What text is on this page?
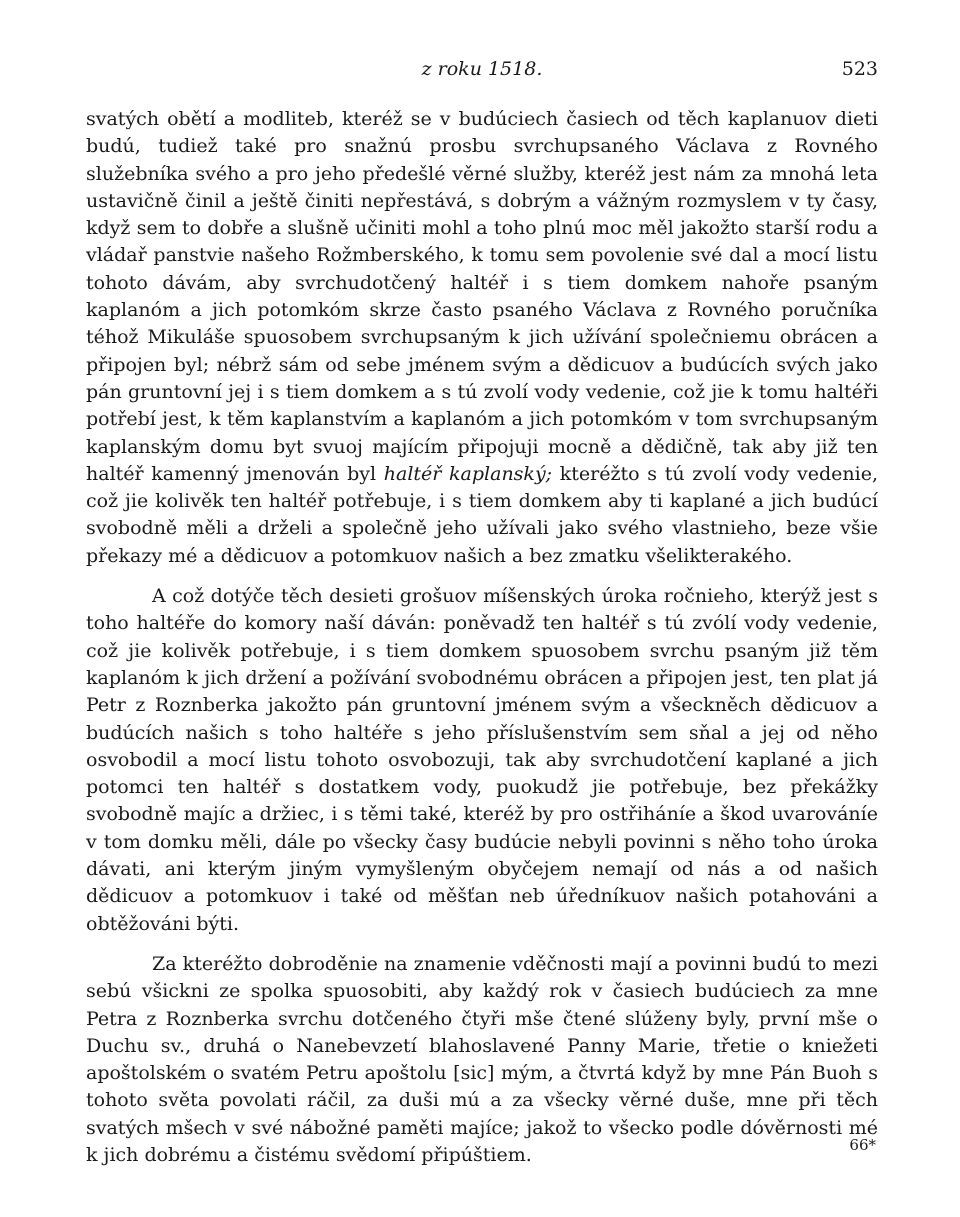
z roku 1518.	523

svatých obětí a modliteb, kteréž se v budúciech časiech od těch kaplanuov dieti budú, tudiež také pro snažnú prosbu svrchupsaného Václava z Rovného služebníka svého a pro jeho předešlé věrné služby, kteréž jest nám za mnohá leta ustavičně činil a ještě činiti nepřestává, s dobrým a vážným rozmyslem v ty časy, když sem to dobře a slušně učiniti mohl a toho plnú moc měl jakožto starší rodu a vládař panstvie našeho Rožmberského, k tomu sem povolenie své dal a mocí listu tohoto dávám, aby svrchudotčený haltéř i s tiem domkem nahoře psaným kaplanóm a jich potomkóm skrze často psaného Václava z Rovného poručníka téhož Mikuláše spuosobem svrchupsaným k jich užívání společniemu obrácen a připojen byl; nébrž sám od sebe jménem svým a dědicuov a budúcích svých jako pán gruntovní jej i s tiem domkem a s tú zvolí vody vedenie, což jie k tomu haltéři potřebí jest, k těm kaplanstvím a kaplanóm a jich potomkóm v tom svrchupsaným kaplanským domu byt svuoj majícím připojuji mocně a dědičně, tak aby již ten haltéř kamenný jmenován byl haltéř kaplanský; kteréžto s tú zvolí vody vedenie, což jie kolivěk ten haltéř potřebuje, i s tiem domkem aby ti kaplané a jich budúcí svobodně měli a drželi a společně jeho užívali jako svého vlastnieho, beze všie překazy mé a dědicuov a potomkuov našich a bez zmatku všelikterakého.

A což dotýče těch desieti grošuov míšenských úroka ročnieho, kterýž jest s toho haltéře do komory naší dáván: poněvadž ten haltéř s tú zvólí vody vedenie, což jie kolivěk potřebuje, i s tiem domkem spuosobem svrchu psaným již těm kaplanóm k jich držení a požívání svobodnému obrácen a připojen jest, ten plat já Petr z Roznberka jakožto pán gruntovní jménem svým a všeckněch dědicuov a budúcích našich s toho haltéře s jeho příslušenstvím sem sňal a jej od něho osvobodil a mocí listu tohoto osvobozuji, tak aby svrchudotčení kaplané a jich potomci ten haltéř s dostatkem vody, puokudž jie potřebuje, bez překážky svobodně majíc a držiec, i s těmi také, kteréž by pro ostřiháníe a škod uvarováníe v tom domku měli, dále po všecky časy budúcie nebyli povinni s něho toho úroka dávati, ani kterým jiným vymyšleným obyčejem nemají od nás a od našich dědicuov a potomkuov i také od měšťan neb úředníkuov našich potahováni a obtěžováni býti.

Za kteréžto dobroděnie na znamenie vděčnosti mají a povinni budú to mezi sebú všickni ze spolka spuosobiti, aby každý rok v časiech budúciech za mne Petra z Roznberka svrchu dotčeného čtyři mše čtené slúženy byly, první mše o Duchu sv., druhá o Nanebevzetí blahoslavené Panny Marie, třetie o kniežeti apoštolském o svatém Petru apoštolu [sic] mým, a čtvrtá když by mne Pán Buoh s tohoto světa povolati ráčil, za duši mú a za všecky věrné duše, mne při těch svatých mšech v své nábožné paměti majíce; jakož to všecko podle dóvěrnosti mé k jich dobrému a čistému svědomí připúštiem.	66*
